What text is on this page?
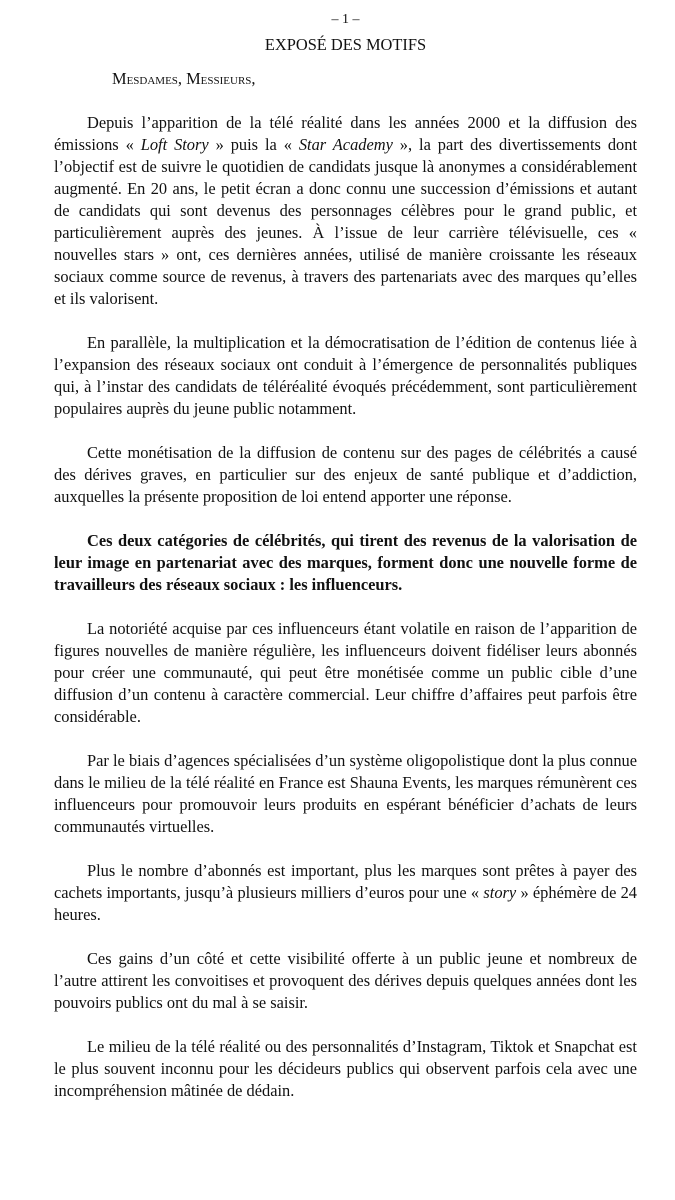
– 1 –
EXPOSÉ DES MOTIFS
Mesdames, Messieurs,

Depuis l’apparition de la télé réalité dans les années 2000 et la diffusion des émissions « Loft Story » puis la « Star Academy », la part des divertissements dont l’objectif est de suivre le quotidien de candidats jusque là anonymes a considérablement augmenté. En 20 ans, le petit écran a donc connu une succession d’émissions et autant de candidats qui sont devenus des personnages célèbres pour le grand public, et particulièrement auprès des jeunes. À l’issue de leur carrière télévisuelle, ces « nouvelles stars » ont, ces dernières années, utilisé de manière croissante les réseaux sociaux comme source de revenus, à travers des partenariats avec des marques qu’elles et ils valorisent.

En parallèle, la multiplication et la démocratisation de l’édition de contenus liée à l’expansion des réseaux sociaux ont conduit à l’émergence de personnalités publiques qui, à l’instar des candidats de téléréalité évoqués précédemment, sont particulièrement populaires auprès du jeune public notamment.

Cette monétisation de la diffusion de contenu sur des pages de célébrités a causé des dérives graves, en particulier sur des enjeux de santé publique et d’addiction, auxquelles la présente proposition de loi entend apporter une réponse.

Ces deux catégories de célébrités, qui tirent des revenus de la valorisation de leur image en partenariat avec des marques, forment donc une nouvelle forme de travailleurs des réseaux sociaux : les influenceurs.

La notoriété acquise par ces influenceurs étant volatile en raison de l’apparition de figures nouvelles de manière régulière, les influenceurs doivent fidéliser leurs abonnés pour créer une communauté, qui peut être monétisée comme un public cible d’une diffusion d’un contenu à caractère commercial. Leur chiffre d’affaires peut parfois être considérable.

Par le biais d’agences spécialisées d’un système oligopolistique dont la plus connue dans le milieu de la télé réalité en France est Shauna Events, les marques rémunèrent ces influenceurs pour promouvoir leurs produits en espérant bénéficier d’achats de leurs communautés virtuelles.

Plus le nombre d’abonnés est important, plus les marques sont prêtes à payer des cachets importants, jusqu’à plusieurs milliers d’euros pour une « story » éphémère de 24 heures.

Ces gains d’un côté et cette visibilité offerte à un public jeune et nombreux de l’autre attirent les convoitises et provoquent des dérives depuis quelques années dont les pouvoirs publics ont du mal à se saisir.

Le milieu de la télé réalité ou des personnalités d’Instagram, Tiktok et Snapchat est le plus souvent inconnu pour les décideurs publics qui observent parfois cela avec une incompréhension mâtinée de dédain.
